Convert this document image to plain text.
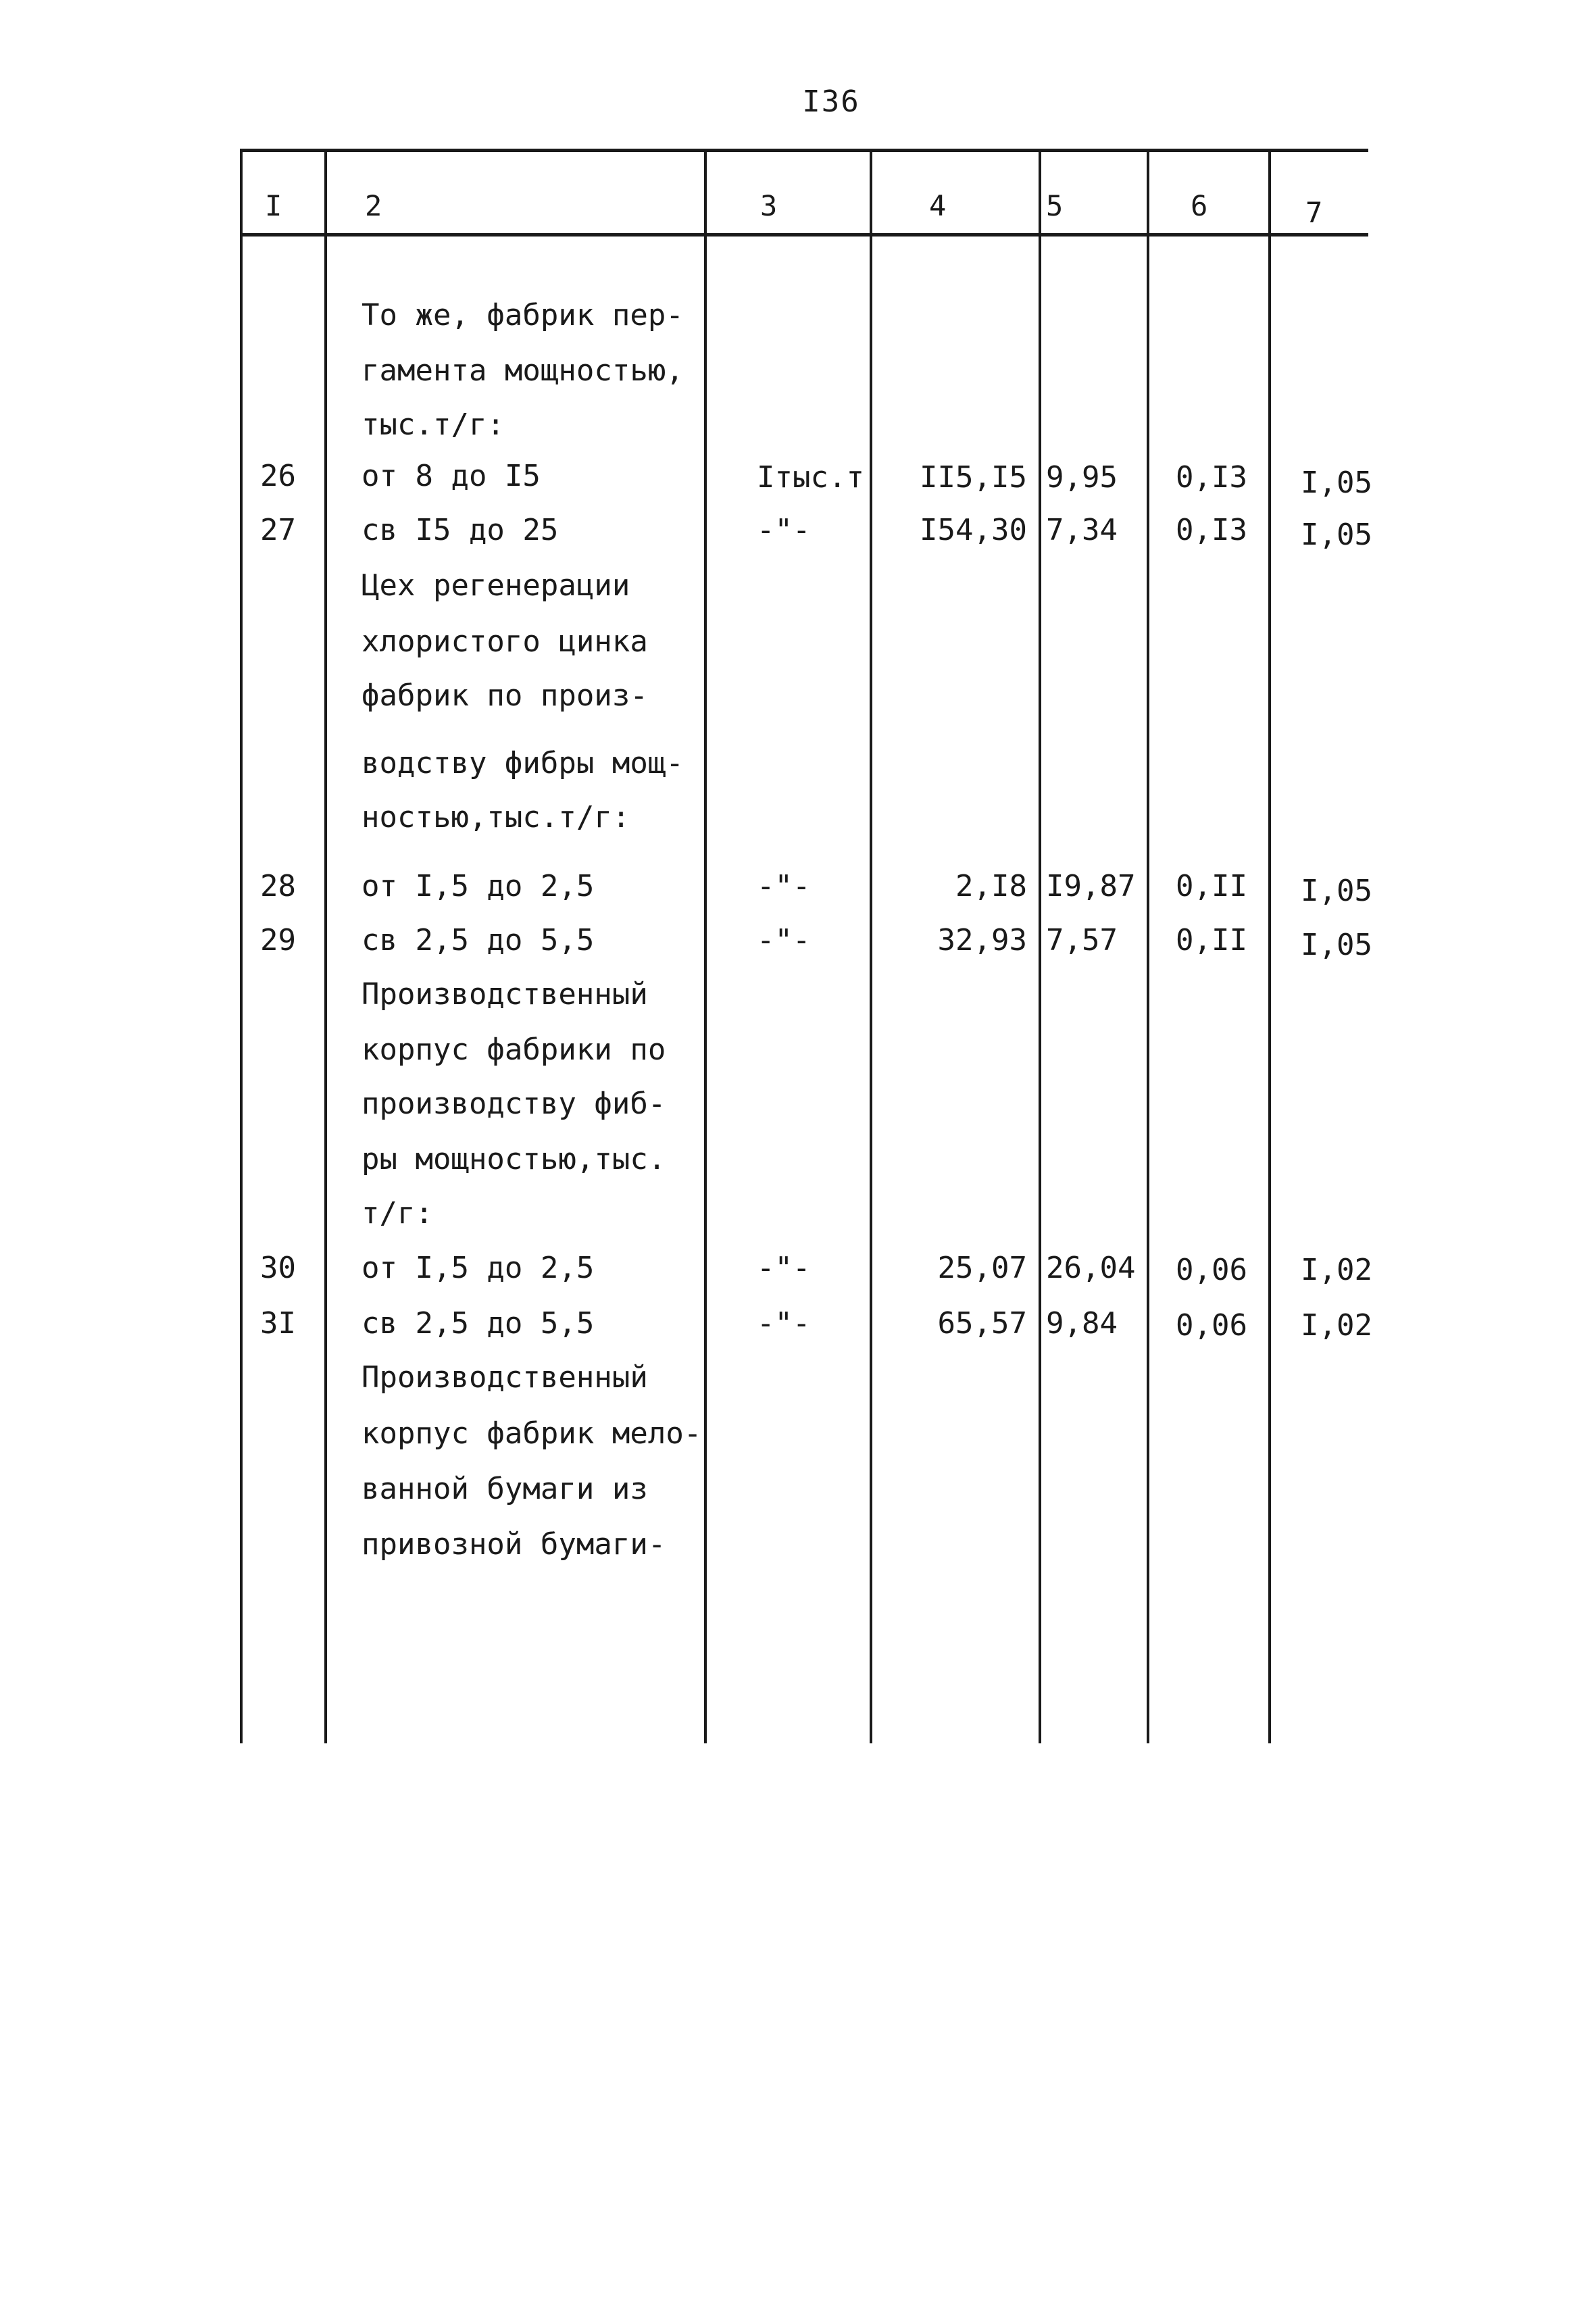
I36
I	2	3	4	5	6	7
То же, фабрик пер-
гамента мощностью,
тыс.т/г:
26 от 8 до I5	Iтыс.т II5,I5 9,95 0,I3 I,05
27 св I5 до 25	-"-	I54,30 7,34 0,I3 I,05
Цех регенерации
хлористого цинка
фабрик по произ-
водству фибры мощ-
ностью,тыс.т/г:
28 от I,5 до 2,5	-"-	2,I8 I9,87 0,II I,05
29 св 2,5 до 5,5	-"-	32,93 7,57 0,II I,05
Производственный
корпус фабрики по
производству фиб-
ры мощностью,тыс.
т/г:
30 от I,5 до 2,5	-"-	25,07 26,04 0,06 I,02
3I св 2,5 до 5,5	-"-	65,57 9,84 0,06 I,02
Производственный
корпус фабрик мело-
ванной бумаги из
привозной бумаги-
